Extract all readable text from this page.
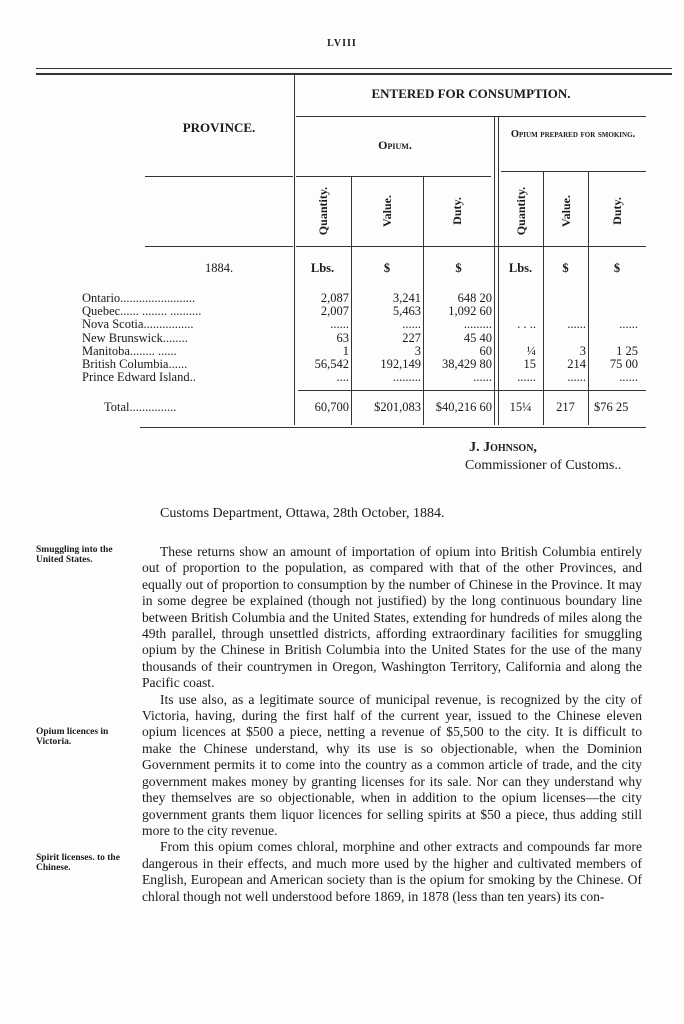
LVIII
PROVINCE.
ENTERED FOR CONSUMPTION.
Opium.
Opium prepared for smoking.
Quantity.	Value.	Duty.	Quantity.	Value.	Duty.
1884.	Lbs.	$	$	Lbs.	$	$
Ontario........................	2,087	3,241	648 20
Quebec...... ........ ..........	2,007	5,463	1,092 60
Nova Scotia................	......	......	.........	. . ..	......	......
New Brunswick........	63	227	45 40
Manitoba........ ......	1	3	60	¼	3	1 25
British Columbia......	56,542	192,149	38,429 80	15	214	75 00
Prince Edward Island..	....	.........	......	......	......	......
Total...............	60,700	$201,083	$40,216 60	15¼	217	$76 25
J. Johnson,
Commissioner of Customs..
Customs Department, Ottawa, 28th October, 1884.
Smuggling into the United States.
Opium licences in Victoria.
Spirit licenses. to the Chinese.

These returns show an amount of importation of opium into British Columbia entirely out of proportion to the population, as compared with that of the other Provinces, and equally out of proportion to consumption by the number of Chinese in the Province. It may in some degree be explained (though not justified) by the long continuous boundary line between British Columbia and the United States, extending for hundreds of miles along the 49th parallel, through unsettled districts, affording extraordinary facilities for smuggling opium by the Chinese in British Columbia into the United States for the use of the many thousands of their countrymen in Oregon, Washington Territory, California and along the Pacific coast.

Its use also, as a legitimate source of municipal revenue, is recognized by the city of Victoria, having, during the first half of the current year, issued to the Chinese eleven opium licences at $500 a piece, netting a revenue of $5,500 to the city. It is difficult to make the Chinese understand, why its use is so objectionable, when the Dominion Government permits it to come into the country as a common article of trade, and the city government makes money by granting licenses for its sale. Nor can they understand why they themselves are so objectionable, when in addition to the opium licenses—the city government grants them liquor licences for selling spirits at $50 a piece, thus adding still more to the city revenue.

From this opium comes chloral, morphine and other extracts and compounds far more dangerous in their effects, and much more used by the higher and cultivated members of English, European and American society than is the opium for smoking by the Chinese. Of chloral though not well understood before 1869, in 1878 (less than ten years) its con-
